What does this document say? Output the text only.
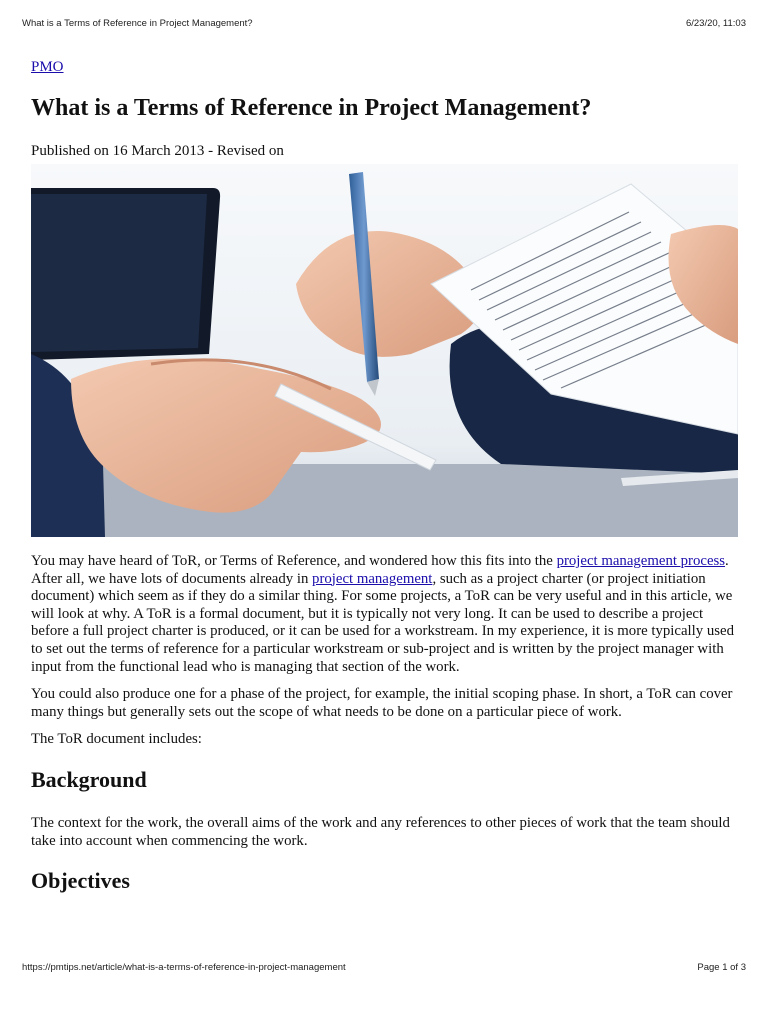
What is a Terms of Reference in Project Management?	6/23/20, 11:03
PMO
What is a Terms of Reference in Project Management?
Published on 16 March 2013 - Revised on

You may have heard of ToR, or Terms of Reference, and wondered how this fits into the project management process. After all, we have lots of documents already in project management, such as a project charter (or project initiation document) which seem as if they do a similar thing. For some projects, a ToR can be very useful and in this article, we will look at why. A ToR is a formal document, but it is typically not very long. It can be used to describe a project before a full project charter is produced, or it can be used for a workstream. In my experience, it is more typically used to set out the terms of reference for a particular workstream or sub-project and is written by the project manager with input from the functional lead who is managing that section of the work.

You could also produce one for a phase of the project, for example, the initial scoping phase. In short, a ToR can cover many things but generally sets out the scope of what needs to be done on a particular piece of work.

The ToR document includes:

Background

The context for the work, the overall aims of the work and any references to other pieces of work that the team should take into account when commencing the work.

Objectives
https://pmtips.net/article/what-is-a-terms-of-reference-in-project-management	Page 1 of 3
